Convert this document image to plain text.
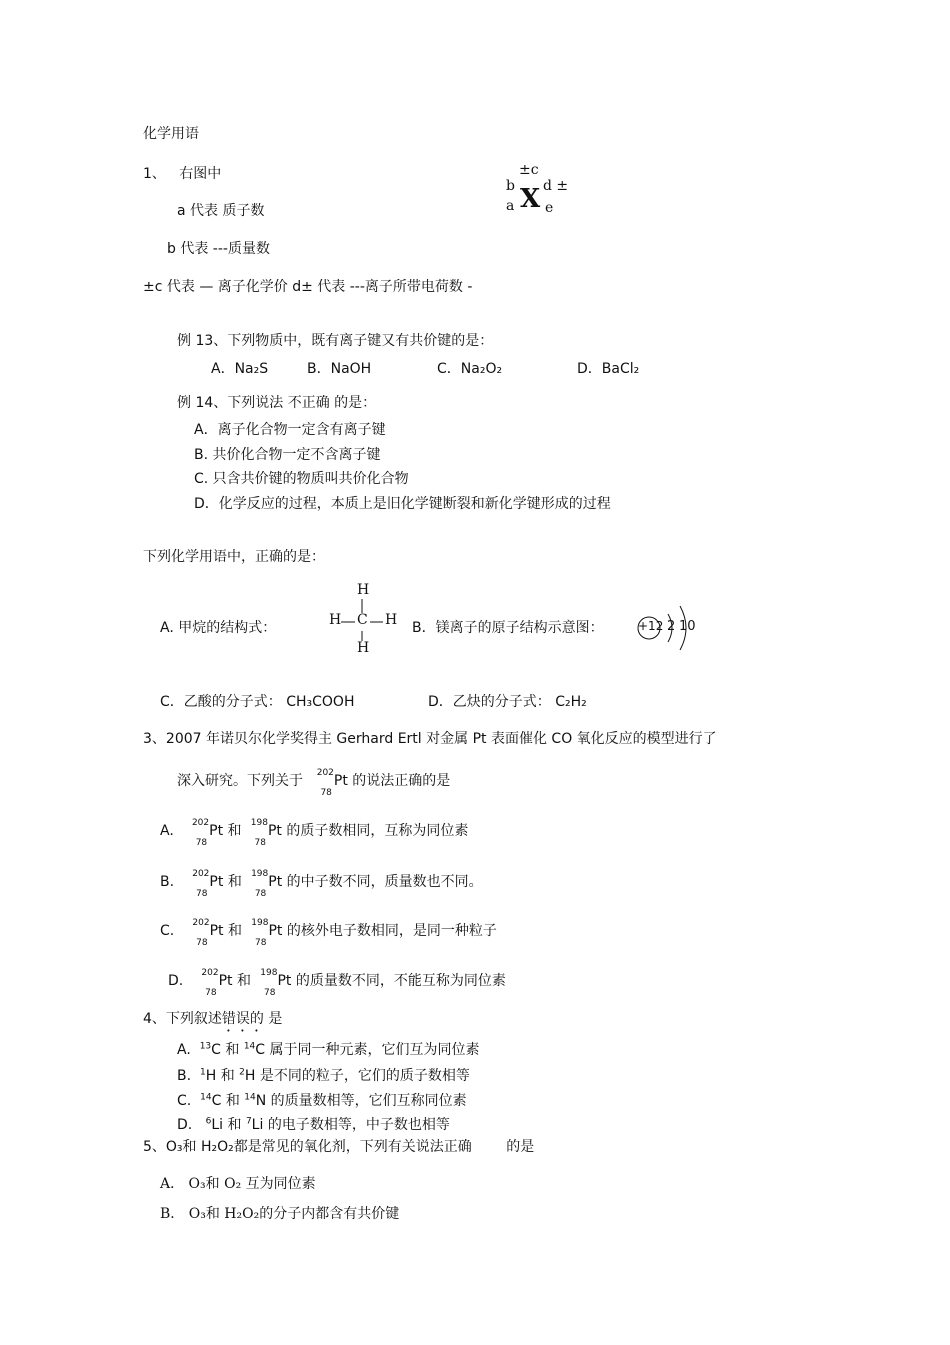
化学用语
1、 右图中
a 代表 质子数
b 代表 ---质量数
±c 代表 — 离子化学价 d± 代表 ---离子所带电荷数 -
±c
b
a X d ±
e
例 13、下列物质中，既有离子键又有共价键的是：
A．Na₂S	B．NaOH	C．Na₂O₂	D．BaCl₂
例 14、下列说法 不正确 的是：
A．离子化合物一定含有离子键
B. 共价化合物一定不含离子键
C. 只含共价键的物质叫共价化合物
D．化学反应的过程，本质上是旧化学键断裂和新化学键形成的过程
下列化学用语中，正确的是：
A. 甲烷的结构式：
H
H C H
H
B．镁离子的原子结构示意图：	+12 2 10
C．乙酸的分子式： CH₃COOH	D．乙炔的分子式： C₂H₂
3、2007 年诺贝尔化学奖得主 Gerhard Ertl 对金属 Pt 表面催化 CO 氧化反应的模型进行了
深入研究。下列关于 202
78
Pt 的说法正确的是
A. 202
78
Pt 和 198
78
Pt 的质子数相同，互称为同位素
B. 202
78
Pt 和 198
78
Pt 的中子数不同，质量数也不同。
C. 202
78
Pt 和 198
78
Pt 的核外电子数相同，是同一种粒子
D. 202
78
Pt 和 198
78
Pt 的质量数不同，不能互称为同位素
4、下列叙述错误的 是
A. $^{13}$C 和 $^{14}$C 属于同一种元素，它们互为同位素
B. $^1$H 和 $^2$H 是不同的粒子，它们的质子数相等
C. $^{14}$C 和 $^{14}$N 的质量数相等，它们互称同位素
D. $^6$Li 和 $^7$Li 的电子数相等，中子数也相等
5、O₃和 H₂O₂都是常见的氧化剂，下列有关说法正确  的是
A． O₃和 O₂ 互为同位素
B． O₃和 H₂O₂的分子内都含有共价键
